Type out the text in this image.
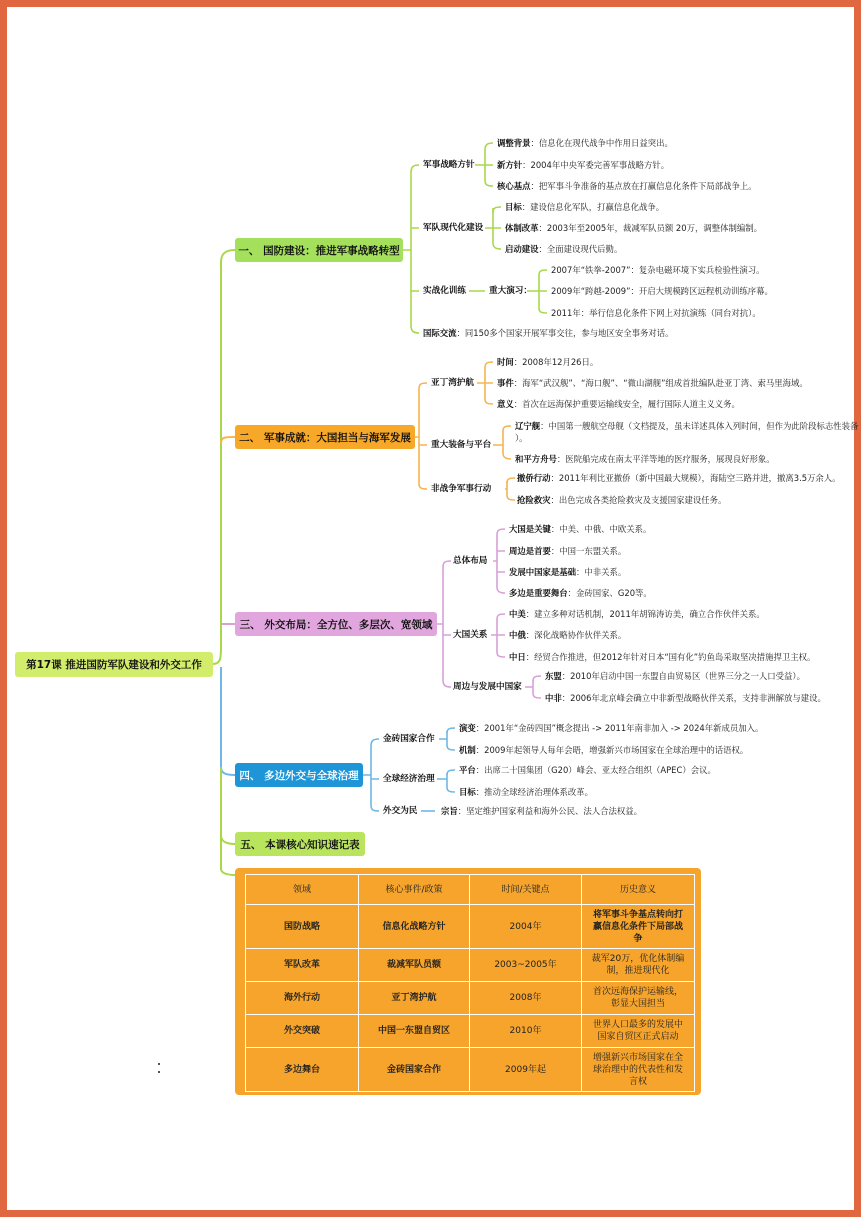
第17课 推进国防军队建设和外交工作
一、 国防建设：推进军事战略转型
二、 军事成就：大国担当与海军发展
三、 外交布局：全方位、多层次、宽领域
四、 多边外交与全球治理
五、 本课核心知识速记表
军事战略方针
调整背景：信息化在现代战争中作用日益突出。
新方针：2004年中央军委完善军事战略方针。
核心基点：把军事斗争准备的基点放在打赢信息化条件下局部战争上。
军队现代化建设
目标：建设信息化军队，打赢信息化战争。
体制改革：2003年至2005年，裁减军队员额 20万，调整体制编制。
启动建设：全面建设现代后勤。
实战化训练	重大演习：
2007年“铁拳-2007”：复杂电磁环境下实兵检验性演习。
2009年“跨越-2009”：开启大规模跨区远程机动训练序幕。
2011年：举行信息化条件下网上对抗演练（同台对抗）。
国际交流：同150多个国家开展军事交往，参与地区安全事务对话。
亚丁湾护航
时间：2008年12月26日。
事件：海军“武汉舰”、“海口舰”、“微山湖舰”组成首批编队赴亚丁湾、索马里海域。
意义：首次在远海保护重要运输线安全，履行国际人道主义义务。
重大装备与平台
辽宁舰：中国第一艘航空母舰（文档提及，虽未详述具体入列时间，但作为此阶段标志性装备
）。
和平方舟号：医院船完成在南太平洋等地的医疗服务，展现良好形象。
非战争军事行动
撤侨行动：2011年利比亚撤侨（新中国最大规模），海陆空三路并进，撤离3.5万余人。
抢险救灾：出色完成各类抢险救灾及支援国家建设任务。
总体布局
大国是关键：中美、中俄、中欧关系。
周边是首要：中国一东盟关系。
发展中国家是基础：中非关系。
多边是重要舞台：金砖国家、G20等。
大国关系
中美：建立多种对话机制，2011年胡锦涛访美，确立合作伙伴关系。
中俄：深化战略协作伙伴关系。
中日：经贸合作推进，但2012年针对日本“国有化”钓鱼岛采取坚决措施捍卫主权。
周边与发展中国家
东盟：2010年启动中国一东盟自由贸易区（世界三分之一人口受益）。
中非：2006年北京峰会确立中非新型战略伙伴关系，支持非洲解放与建设。
金砖国家合作
演变：2001年“金砖四国”概念提出 -> 2011年南非加入 -> 2024年新成员加入。
机制：2009年起领导人每年会晤，增强新兴市场国家在全球治理中的话语权。
全球经济治理
平台：出席二十国集团（G20）峰会、亚太经合组织（APEC）会议。
目标：推动全球经济治理体系改革。
外交为民	宗旨：坚定维护国家利益和海外公民、法人合法权益。
领域	核心事件/政策	时间/关键点	历史意义
国防战略	信息化战略方针	2004年	将军事斗争基点转向打
赢信息化条件下局部战
争

军队改革	裁减军队员额	2003~2005年	裁军20万，优化体制编
制，推进现代化

海外行动	亚丁湾护航	2008年	首次远海保护运输线，
彰显大国担当

外交突破	中国一东盟自贸区	2010年	世界人口最多的发展中
国家自贸区正式启动

多边舞台	金砖国家合作	2009年起	增强新兴市场国家在全
球治理中的代表性和发
言权
